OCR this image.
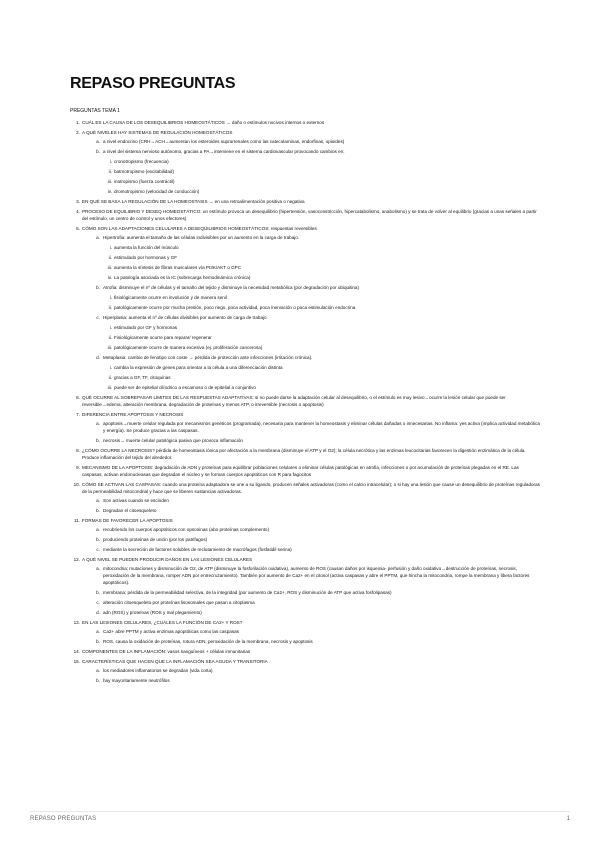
REPASO PREGUNTAS
PREGUNTAS TEMA 1
1. CUÁL ES LA CAUSA DE LOS DESEQUILIBRIOS HOMEOSTÁTICOS → daño o estímulos nocivos internos o externos
2. A QUÉ NIVELES HAY SISTEMAS DE REGULACIÓN HOMEOSTÁTICOS
a. a nivel endocrino (CRH→ACH→aumentan los esteroides suprarrenales como las catecolaminas, endorfinas, opioides)
b. a nivel del sistema nervioso autónomo, gracias a PA→interviene en el sistema cardiovascular provocando cambios en:
i. cronotropismo (frecuencia)
ii. batmotropismo (excitabilidad)
iii. inotropismo (fuerza contráctil)
iv. dromotropismo (velocidad de conducción)
3. EN QUÉ SE BASA LA REGULACIÓN DE LA HOMEOSTASIS → en una retroalimentación positiva o negativa
4. PROCESO DE EQUILIBRIO Y DESEQ HOMEOSTÁTICO: un estímulo provoca un desequilibrio (hipertensión, vasoconstricción, hipercatabolismo, anabolismo) y se trata de volver al equilibrio (gracias a unas señales a partir del estímulo, un centro de control y unos efectores)
5. CÓMO SON LAS ADAPTACIONES CELULARES A DESEQUILIBRIOS HOMEOSTÁTICOS: respuestas reversibles
a. Hipertrofia: aumenta el tamaño de las células indivisibles por un aumento en la carga de trabajo.
i. aumenta la función del músculo
ii. estimulado por hormonas y GF
iii. aumenta la síntesis de fibras musculares vía PI3K/AKT o GPC
iv. La patología asociada es la IC (sobrecarga hemodinámica crónica)
b. Atrofia: disminuye el nº de células y el tamaño del tejido y disminuye la necesidad metabólica (por degradación por ubiquitina)
i. fisiológicamente ocurre en involución y de manera senil
ii. patológicamente ocurre por mucha presión, poco riego, poca actividad, poca inervación o poca estimulación endocrina
c. Hiperplasia: aumenta el nº de células divisibles por aumento de carga de trabajo
i. estimulado por GF y hormonas
ii. Fisiológicamente ocurre para reparar/ regenerar
iii. patológicamente ocurre de manera excesiva (ej. proliferación cancerosa)
d. Metaplasia: cambio de fenotipo con coste → pérdida de protección ante infecciones (irritación crónica).
i. cambia la expresión de genes para orientar a la célula a una diferenciación distinta
ii. gracias a GF, TF, citoquinas
iii. puede ser de epitelial cilíndrico a escamoso o de epitelial a conjuntivo
6. QUÉ OCURRE AL SOBREPASAR LÍMITES DE LAS RESPUESTAS ADAPTATIVAS: si no puede darse la adaptación celular al desequilibrio, o el estímulo es muy lesivo→ocurre la lesión celular que puede ser reversible→edema, alteración membrana, degradación de proteínas y menos ATP, o irreversible (necrosis o apoptosis)
7. DIFERENCIA ENTRE APOPTOSIS Y NECROSIS
a. apoptosis→muerte celular regulada por mecanismos genéticos (programada), necesaria para mantener la homeostasis y eliminar células dañadas o innecesarias. No inflama: yes activa (implica actividad metabólica y energía). Se produce gracias a las caspasas.
b. necrosis→ muerte celular patológica pasiva que provoca inflamación
8. ¿CÓMO OCURRE LA NECROSIS? pérdida de homeostasis iónica por afectación a la membrana (disminuye el ATP y el O2); la célula necrótica y las enzimas leucocitarias favorecen la digestión enzimática de la célula. Produce inflamación del tejido del alrededor.
9. MECANISMO DE LA APOPTOSIS: degradación de ADN y proteínas para equilibrar poblaciones celulares o eliminar células patológicas en atrofia, infecciones o por acumulación de proteínas plegadas en el RE. Las caspasas, activan endonucleasas que degradan el núcleo y se forman cuerpos apoptóticos con R para fagocitos
10. CÓMO SE ACTIVAN LAS CASPASAS: cuando una proteína adaptadora se une a su ligando, producen señales activadoras (como el calcio intracelular); o si hay una lesión que cause un desequilibrio de proteínas reguladoras de la permeabilidad mitocondrial y hace que se liberen sustancias activadoras.
a. Son activas cuando se escinden
b. Degradan el citoesqueleto
11. FORMAS DE FAVORECER LA APOPTOSIS
a. recubriendo los cuerpos apoptóticos con opsoninas (abo proteínas complemento)
b. produciendo proteínas de unión (por los patrifagos)
c. mediante la secreción de factores solubles de reclutamiento de macrófagos (fosfatidil serina)
12. A QUÉ NIVEL SE PUEDEN PRODUCIR DAÑOS EN LAS LESIONES CELULARES
a. mitocondria; mutaciones y disminución de O2, de ATP (disminuye la fosforilación oxidativa), aumento de ROS (causan daños por isquemia- perfusión y daño oxidativo→destrucción de proteínas, necrosis, peroxidación de la membrana, romper ADN por entrecruzamiento). También por aumento de Ca2+ en el citosol (activa caspasas y abre el PPTM, que hincha la mitocondria, rompe la membrana y libera factores apoptóticos).
b. membrana; pérdida de la permeabilidad selectiva, de la integridad (por aumento de Ca2+, ROS y disminución de ATP que activa fosfolipasas)
c. alteración citoesqueleto por proteínas lisosomales que pasan a citoplasma
d. adn (ROS) y proteínas (ROS y mal plegamiento)
13. EN LAS LESIONES CELULARES, ¿CUÁLES LA FUNCIÓN DE CA2+ Y ROS?
a. Ca2+ abre PPTM y activa enzimas apoptóticas como las caspasas
b. ROS, causa la oxidación de proteínas, rotura ADN, peroxidación de la membrana, necrosis y apoptosis
14. COMPONENTES DE LA INFLAMACIÓN: vasos sanguíneos + células inmunitarias
15. CARACTERÍSTICAS QUE HACEN QUE LA INFLAMACIÓN SEA AGUDA Y TRANSITORIA
a. los mediadores inflamatorios se degradan (vida corta)
b. hay mayoritariamente neutrófilos
REPASO PREGUNTAS	1
